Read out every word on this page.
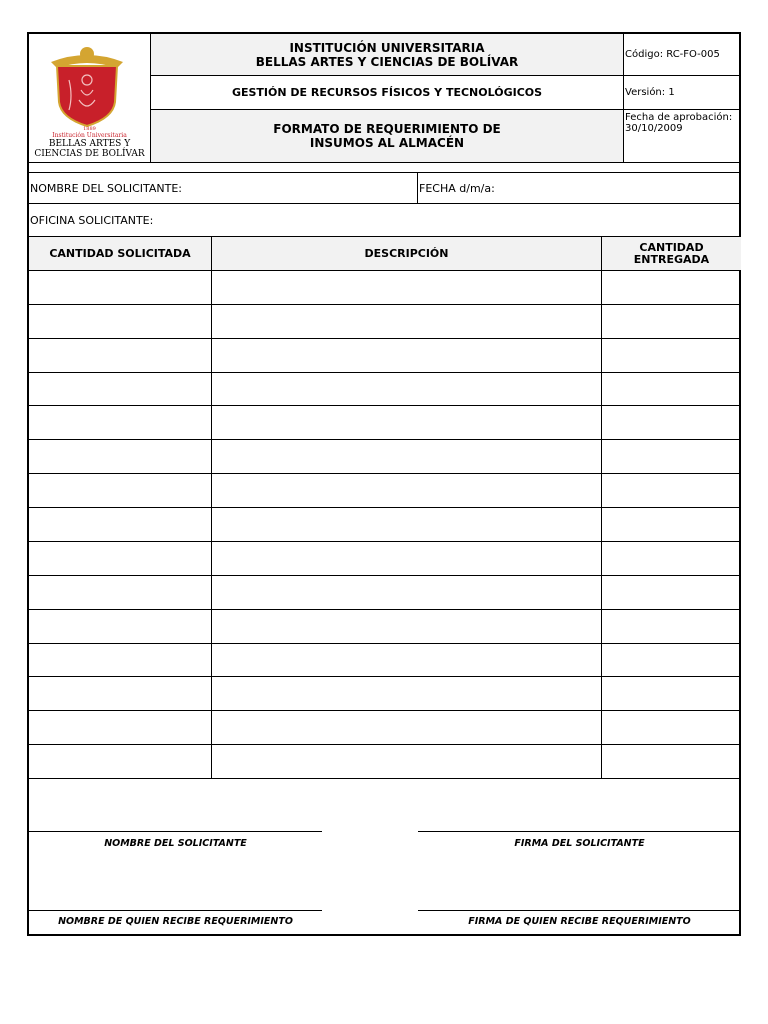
1889
Institución Universitaria
BELLAS ARTES Y
CIENCIAS DE BOLÍVAR
INSTITUCIÓN UNIVERSITARIA
BELLAS ARTES Y CIENCIAS DE BOLÍVAR
GESTIÓN DE RECURSOS FÍSICOS Y TECNOLÓGICOS
FORMATO DE REQUERIMIENTO DE
INSUMOS AL ALMACÉN
Código: RC-FO-005
Versión: 1
Fecha de aprobación:
30/10/2009
NOMBRE DEL SOLICITANTE:	FECHA d/m/a:
OFICINA SOLICITANTE:
CANTIDAD SOLICITADA	DESCRIPCIÓN	CANTIDAD
ENTREGADA
NOMBRE DEL SOLICITANTE	FIRMA DEL SOLICITANTE
NOMBRE DE QUIEN RECIBE REQUERIMIENTO	FIRMA DE QUIEN RECIBE REQUERIMIENTO
